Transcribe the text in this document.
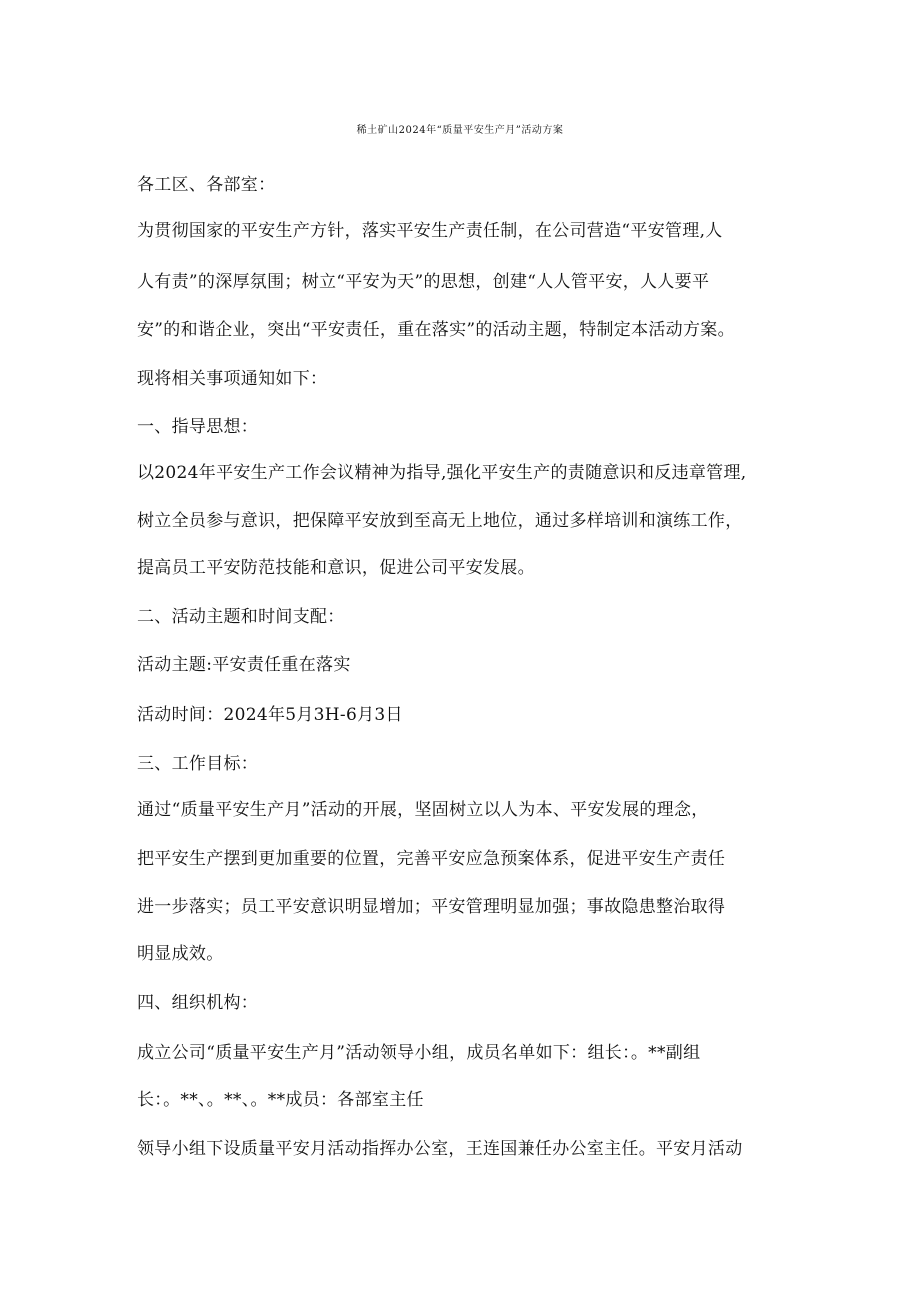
稀土矿山2024年“质量平安生产月”活动方案
各工区、各部室：
为贯彻国家的平安生产方针，落实平安生产责任制，在公司营造“平安管理,人
人有责”的深厚氛围；树立“平安为天”的思想，创建“人人管平安，人人要平
安”的和谐企业，突出“平安责任，重在落实”的活动主题，特制定本活动方案。
现将相关事项通知如下：
一、指导思想：
以2024年平安生产工作会议精神为指导,强化平安生产的责随意识和反违章管理,
树立全员参与意识，把保障平安放到至高无上地位，通过多样培训和演练工作，
提高员工平安防范技能和意识，促进公司平安发展。
二、活动主题和时间支配：
活动主题:平安责任重在落实
活动时间：2024年5月3H-6月3日
三、工作目标：
通过“质量平安生产月”活动的开展，坚固树立以人为本、平安发展的理念，
把平安生产摆到更加重要的位置，完善平安应急预案体系，促进平安生产责任
进一步落实；员工平安意识明显增加；平安管理明显加强；事故隐患整治取得
明显成效。
四、组织机构：
成立公司“质量平安生产月”活动领导小组，成员名单如下：组长：。**副组
长：。**、。**、。**成员：各部室主任
领导小组下设质量平安月活动指挥办公室，王连国兼任办公室主任。平安月活动
